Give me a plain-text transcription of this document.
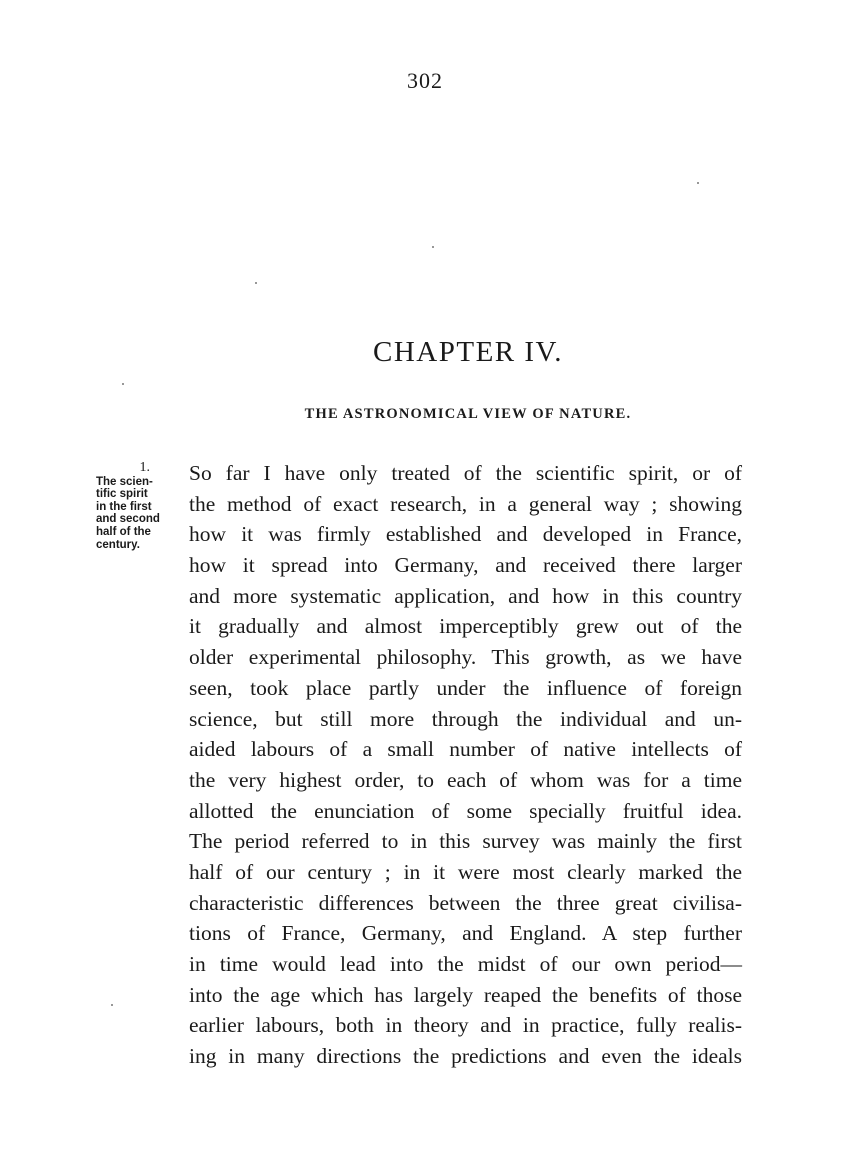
302
CHAPTER IV.
THE ASTRONOMICAL VIEW OF NATURE.
1.
The scien-
tific spirit
in the first
and second
half of the
century.
So far I have only treated of the scientific spirit, or of
the method of exact research, in a general way ; showing
how it was firmly established and developed in France,
how it spread into Germany, and received there larger
and more systematic application, and how in this country
it gradually and almost imperceptibly grew out of the
older experimental philosophy. This growth, as we have
seen, took place partly under the influence of foreign
science, but still more through the individual and un-
aided labours of a small number of native intellects of
the very highest order, to each of whom was for a time
allotted the enunciation of some specially fruitful idea.
The period referred to in this survey was mainly the first
half of our century ; in it were most clearly marked the
characteristic differences between the three great civilisa-
tions of France, Germany, and England. A step further
in time would lead into the midst of our own period—
into the age which has largely reaped the benefits of those
earlier labours, both in theory and in practice, fully realis-
ing in many directions the predictions and even the ideals
